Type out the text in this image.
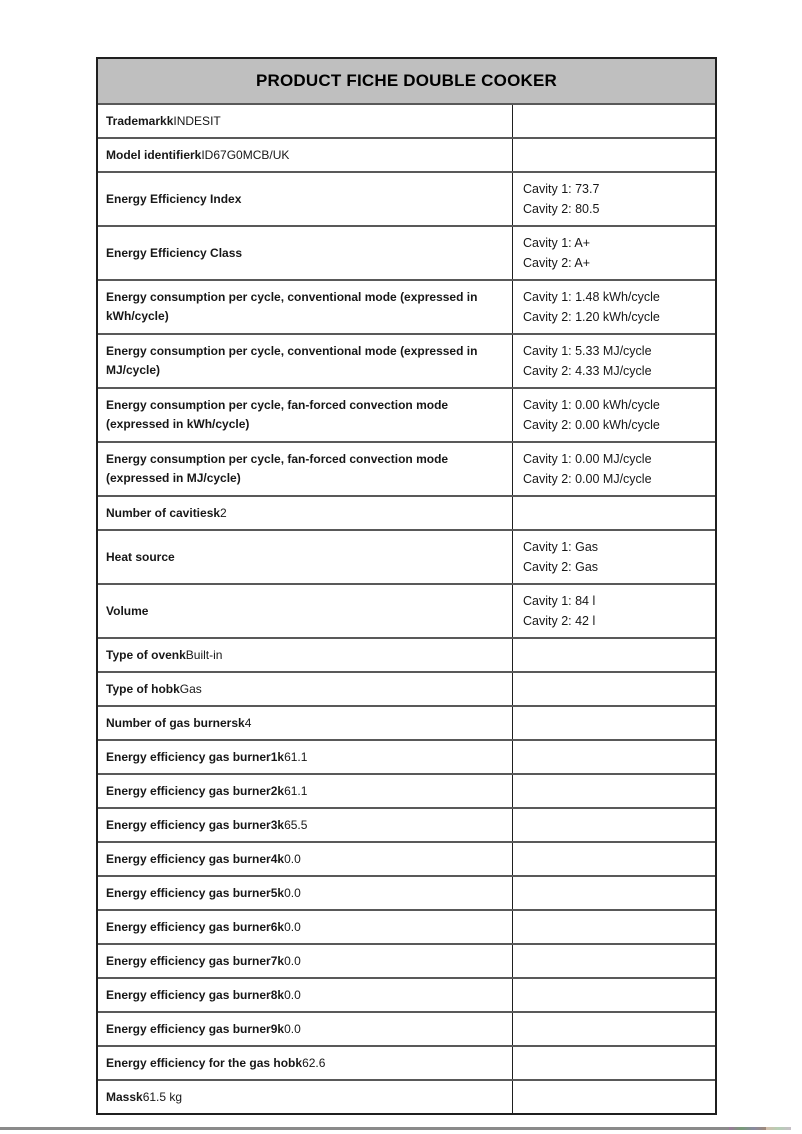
PRODUCT FICHE DOUBLE COOKER
TrademarkkINDESIT
Model identifierkID67G0MCB/UK
Energy Efficiency Index
Cavity 1: 73.7
Cavity 2: 80.5
Energy Efficiency Class
Cavity 1: A+
Cavity 2: A+
Energy consumption per cycle, conventional mode (expressed in kWh/cycle)
Cavity 1: 1.48 kWh/cycle
Cavity 2: 1.20 kWh/cycle
Energy consumption per cycle, conventional mode (expressed in MJ/cycle)
Cavity 1: 5.33 MJ/cycle
Cavity 2: 4.33 MJ/cycle
Energy consumption per cycle, fan-forced convection mode (expressed in kWh/cycle)
Cavity 1: 0.00 kWh/cycle
Cavity 2: 0.00 kWh/cycle
Energy consumption per cycle, fan-forced convection mode (expressed in MJ/cycle)
Cavity 1: 0.00 MJ/cycle
Cavity 2: 0.00 MJ/cycle
Number of cavitiesk2
Heat source
Cavity 1: Gas
Cavity 2: Gas
Volume
Cavity 1: 84 l
Cavity 2: 42 l
Type of ovenkBuilt-in
Type of hobkGas
Number of gas burnersk4
Energy efficiency gas burner1k61.1
Energy efficiency gas burner2k61.1
Energy efficiency gas burner3k65.5
Energy efficiency gas burner4k0.0
Energy efficiency gas burner5k0.0
Energy efficiency gas burner6k0.0
Energy efficiency gas burner7k0.0
Energy efficiency gas burner8k0.0
Energy efficiency gas burner9k0.0
Energy efficiency for the gas hobk62.6
Massk61.5 kg
